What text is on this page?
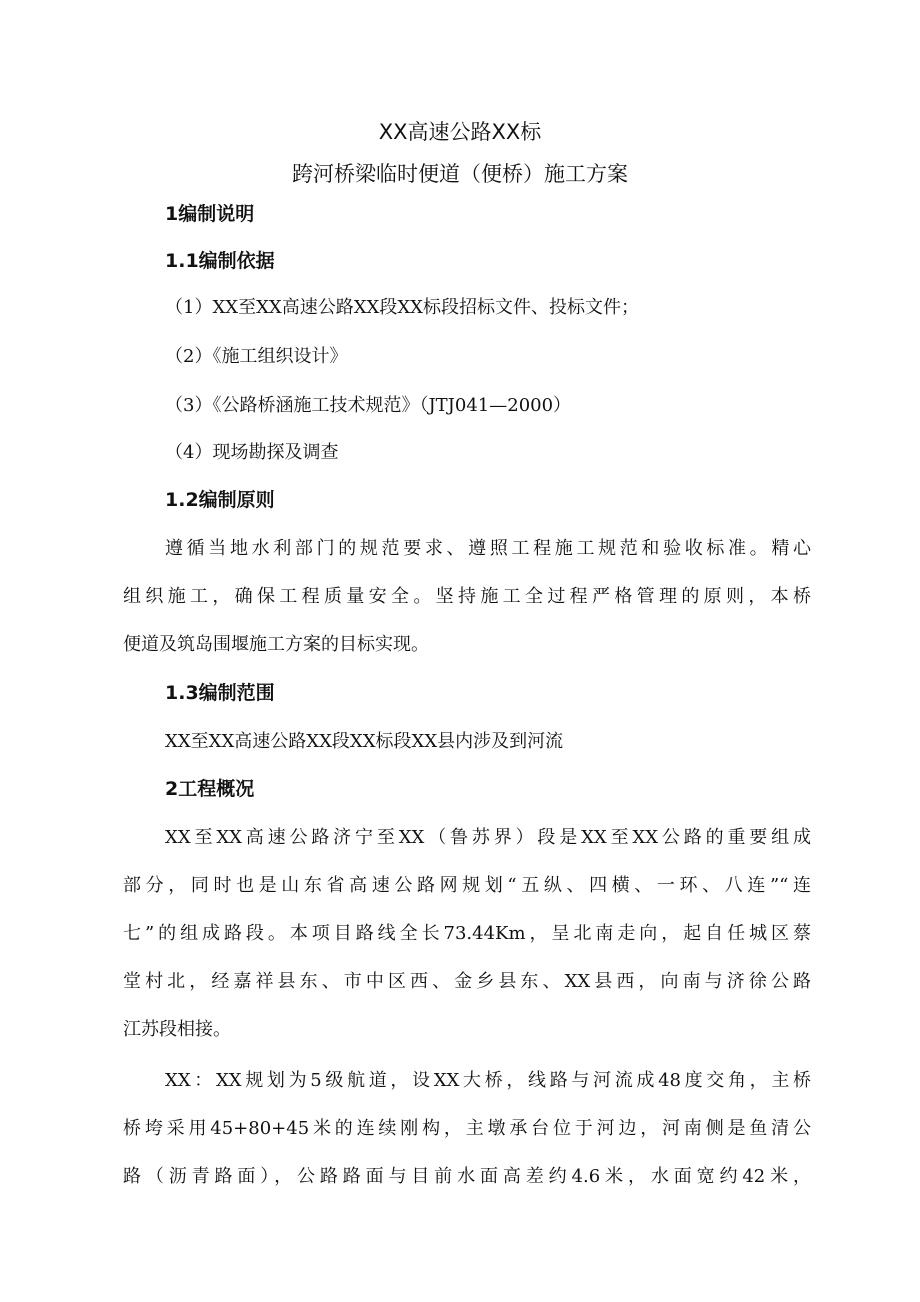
XX高速公路XX标
跨河桥梁临时便道（便桥）施工方案
1编制说明
1.1编制依据
（1）XX至XX高速公路XX段XX标段招标文件、投标文件；
（2）《施工组织设计》
（3）《公路桥涵施工技术规范》（JTJ041—2000）
（4）现场勘探及调查
1.2编制原则
遵循当地水利部门的规范要求、遵照工程施工规范和验收标准。精心
组织施工，确保工程质量安全。坚持施工全过程严格管理的原则，本桥
便道及筑岛围堰施工方案的目标实现。
1.3编制范围
XX至XX高速公路XX段XX标段XX县内涉及到河流
2工程概况
XX至XX高速公路济宁至XX（鲁苏界）段是XX至XX公路的重要组成
部分，同时也是山东省高速公路网规划“五纵、四横、一环、八连”“连
七”的组成路段。本项目路线全长73.44Km，呈北南走向，起自任城区蔡
堂村北，经嘉祥县东、市中区西、金乡县东、XX县西，向南与济徐公路
江苏段相接。
XX：XX规划为5级航道，设XX大桥，线路与河流成48度交角，主桥
桥垮采用45+80+45米的连续刚构，主墩承台位于河边，河南侧是鱼清公
路（沥青路面），公路路面与目前水面高差约4.6米，水面宽约42米，
